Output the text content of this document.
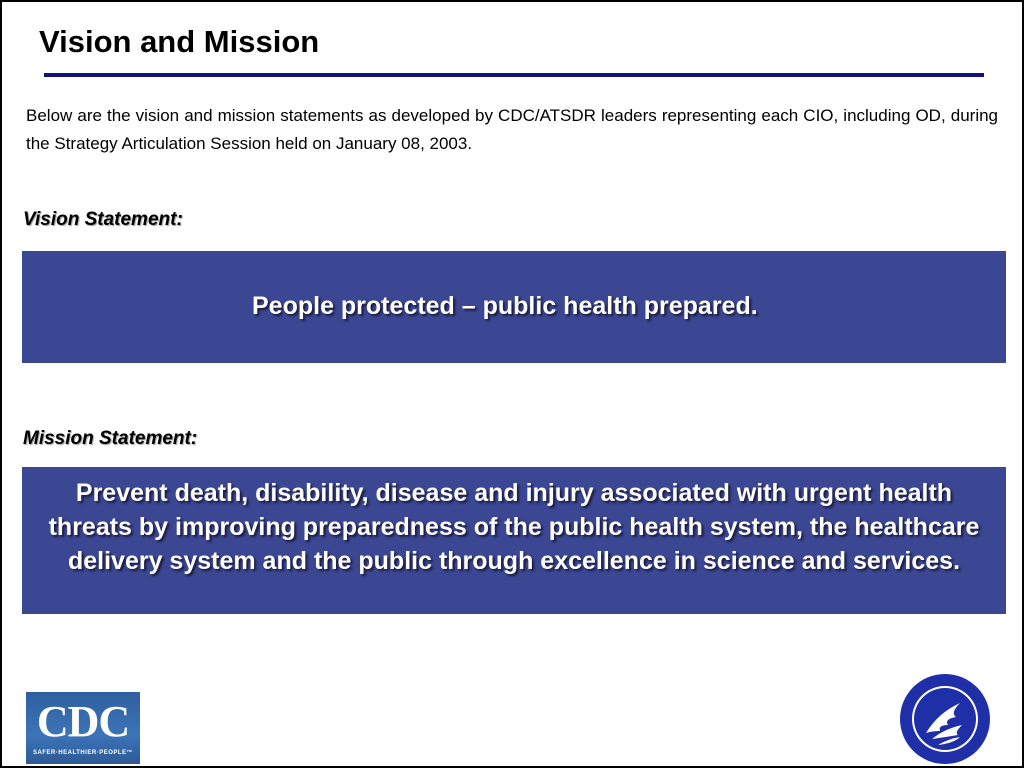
Vision and Mission
Below are the vision and mission statements as developed by CDC/ATSDR leaders representing each CIO, including OD, during the Strategy Articulation Session held on January 08, 2003.
Vision Statement:
People protected – public health prepared.
Mission Statement:
Prevent death, disability, disease and injury associated with urgent health threats by improving preparedness of the public health system, the healthcare delivery system and the public through excellence in science and services.
CDC
SAFER·HEALTHIER·PEOPLE™
